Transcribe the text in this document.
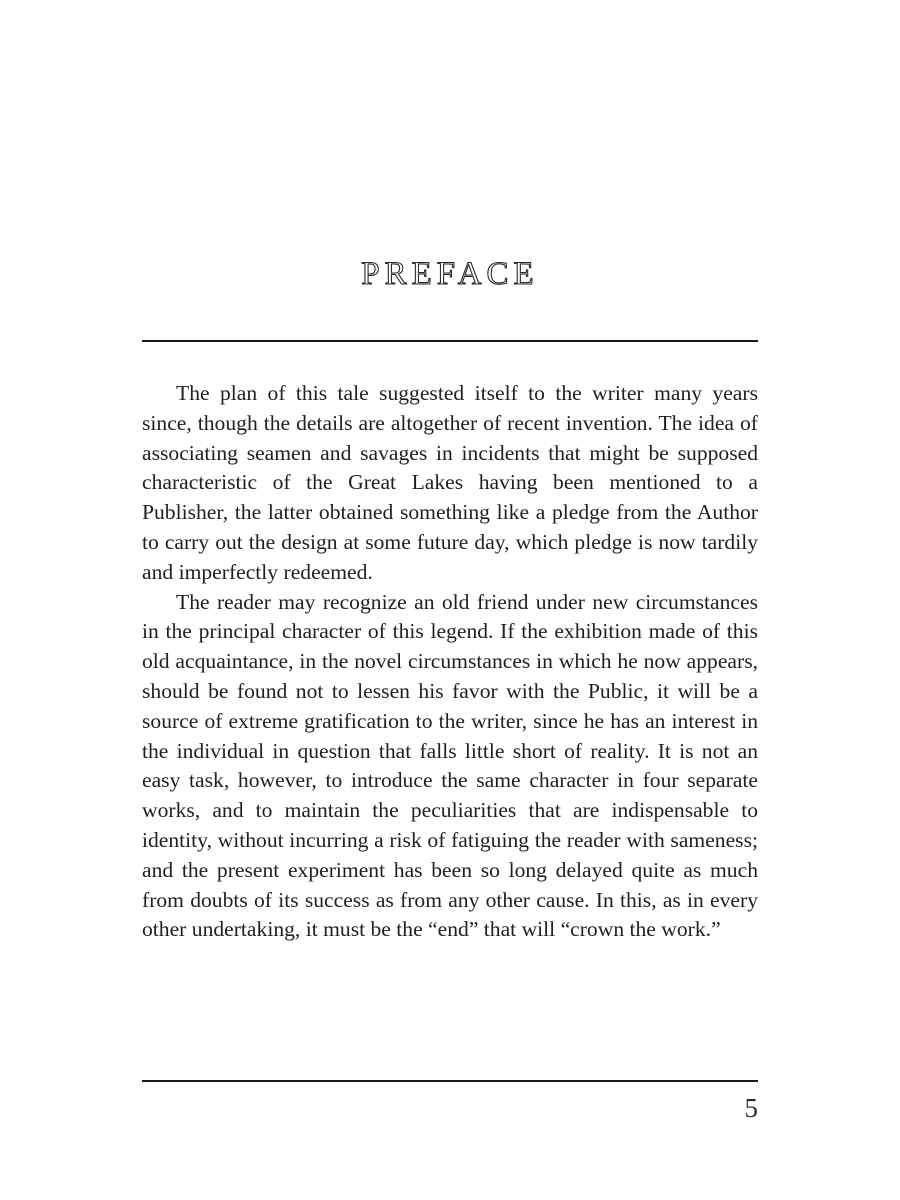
PREFACE

The plan of this tale suggested itself to the writer many years since, though the details are altogether of recent invention. The idea of associating seamen and savages in incidents that might be supposed characteristic of the Great Lakes having been mentioned to a Publisher, the latter obtained something like a pledge from the Author to carry out the design at some future day, which pledge is now tardily and imperfectly redeemed.

The reader may recognize an old friend under new circumstances in the principal character of this legend. If the exhibition made of this old acquaintance, in the novel circumstances in which he now appears, should be found not to lessen his favor with the Public, it will be a source of extreme gratification to the writer, since he has an interest in the individual in question that falls little short of reality. It is not an easy task, however, to introduce the same character in four separate works, and to maintain the peculiarities that are indispensable to identity, without incurring a risk of fatiguing the reader with sameness; and the present experiment has been so long delayed quite as much from doubts of its success as from any other cause. In this, as in every other undertaking, it must be the “end” that will “crown the work.”

5
